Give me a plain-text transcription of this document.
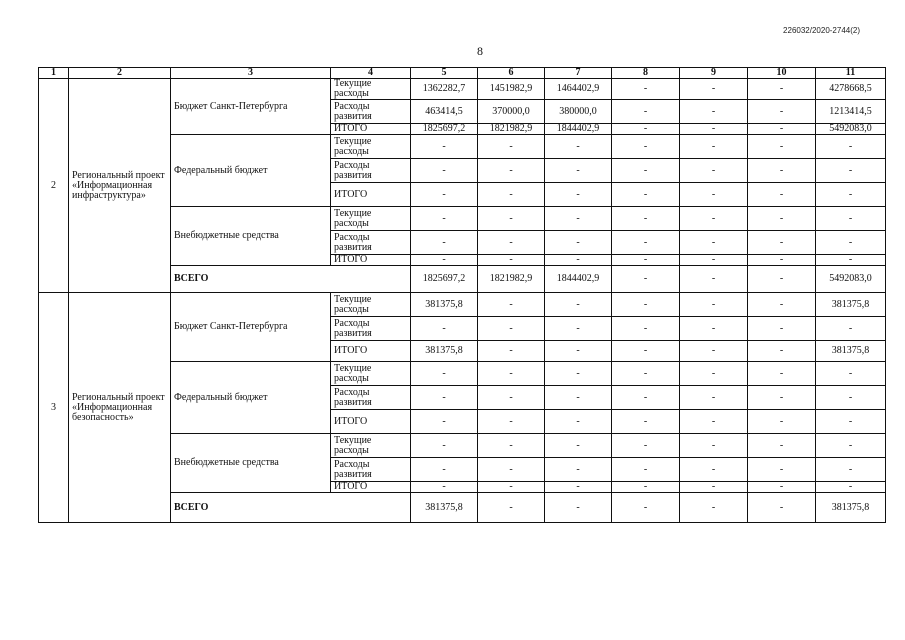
226032/2020-2744(2)
8
1	2	3	4	5	6	7	8	9	10	11
2	Региональный проект «Информационная инфраструктура»	Бюджет Санкт-Петербурга	Текущие расходы	1362282,7	1451982,9	1464402,9	-	-	-	4278668,5
			Расходы развития	463414,5	370000,0	380000,0	-	-	-	1213414,5
			ИТОГО	1825697,2	1821982,9	1844402,9	-	-	-	5492083,0
		Федеральный бюджет	Текущие расходы	-	-	-	-	-	-	-
			Расходы развития	-	-	-	-	-	-	-
			ИТОГО	-	-	-	-	-	-	-
		Внебюджетные средства	Текущие расходы	-	-	-	-	-	-	-
			Расходы развития	-	-	-	-	-	-	-
			ИТОГО	-	-	-	-	-	-	-
		ВСЕГО		1825697,2	1821982,9	1844402,9	-	-	-	5492083,0
3	Региональный проект «Информационная безопасность»	Бюджет Санкт-Петербурга	Текущие расходы	381375,8	-	-	-	-	-	381375,8
			Расходы развития	-	-	-	-	-	-	-
			ИТОГО	381375,8	-	-	-	-	-	381375,8
		Федеральный бюджет	Текущие расходы	-	-	-	-	-	-	-
			Расходы развития	-	-	-	-	-	-	-
			ИТОГО	-	-	-	-	-	-	-
		Внебюджетные средства	Текущие расходы	-	-	-	-	-	-	-
			Расходы развития	-	-	-	-	-	-	-
			ИТОГО	-	-	-	-	-	-	-
		ВСЕГО		381375,8	-	-	-	-	-	381375,8
